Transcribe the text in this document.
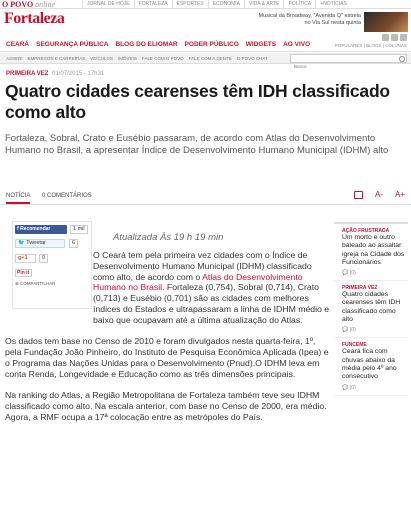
O POVO online	JORNAL DE HOJE	FORTALEZA	ESPORTES	ECONOMIA	VIDA & ARTE	POLÍTICA	+NOTÍCIAS
Fortaleza	Musical da Broadway, "Avenida Q" estreia no Via Sul nesta quinta
CEARÁ SEGURANÇA PÚBLICA BLOG DO ELIOMAR PODER PÚBLICO WIDGETS AO VIVO	POPULARES | BLOGS | COLUNAS
ASSINE EMPREGOS E CARREIRAS VEÍCULOS IMÓVEIS FALE COM O POVO FALE COM A GENTE O POVO CHAT
Busca
PRIMEIRA VEZ 01/07/2015 - 17h31
Quatro cidades cearenses têm IDH classificado como alto

Fortaleza, Sobral, Crato e Eusébio passaram, de acordo com Atlas do Desenvolvimento Humano no Brasil, a apresentar Índice de Desenvolvimento Humano Municipal (IDHM) alto

NOTÍCIA 0 COMENTÁRIOS	A- A+
f Recomendar	1 mil
🐦 Tweetar	6
g+1	0
Pin it
⊕ COMPARTILHAR
Atualizada Às 19 h 19 min

O Ceará tem pela primeira vez cidades com o Índice de Desenvolvimento Humano Municipal (IDHM) classificado como alto, de acordo com o Atlas do Desenvolvimento Humano no Brasil. Fortaleza (0,754), Sobral (0,714), Crato (0,713) e Eusébio (0,701) são as cidades com melhores índices do Estados e ultrapassaram a linha de IDHM médio e baixo que ocupavam até a última atualização do Atlas.

Os dados tem base no Censo de 2010 e foram divulgados nesta quarta-feira, 1º, pela Fundação João Pinheiro, do Instituto de Pesquisa Econômica Aplicada (Ipea) e o Programa das Nações Unidas para o Desenvolvimento (Pnud).O IDHM leva em conta Renda, Longevidade e Educação como as três dimensões principais.

Na ranking do Atlas, a Região Metropolitana de Fortaleza também teve seu IDHM classificado como alto. Na escala anterior, com base no Censo de 2000, era médio. Agora, a RMF ocupa a 17ª colocação entre as metrópoles do País.

AÇÃO FRUSTRADA
Um morto e outro baleado ao assaltar igreja na Cidade dos Funcionários
💬 (0)
PRIMEIRA VEZ
Quatro cidades cearenses têm IDH classificado como alto
💬 (0)
FUNCEME
Ceará fica com chuvas abaixo da média pelo 4º ano consecutivo
💬 (0)
